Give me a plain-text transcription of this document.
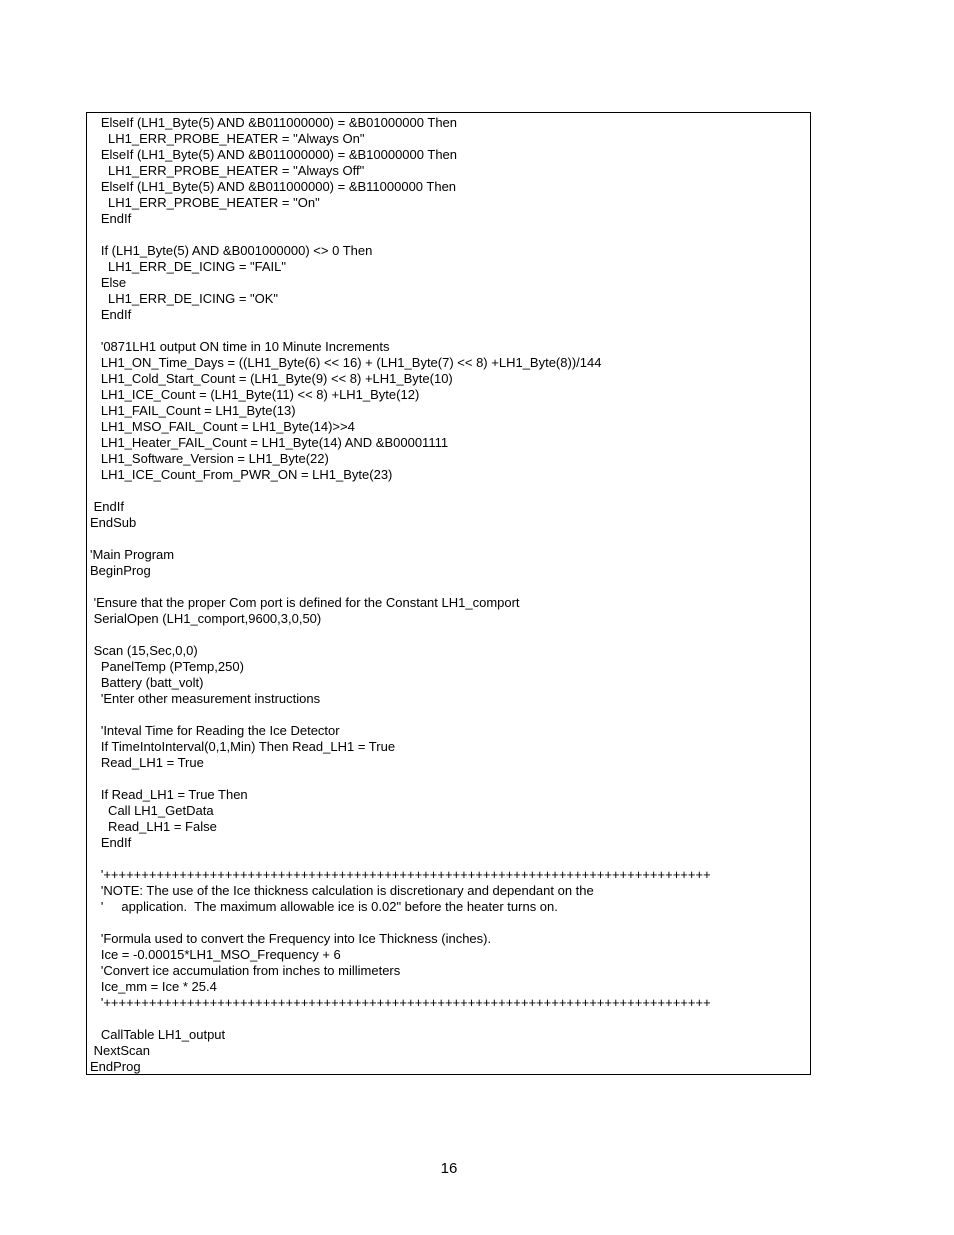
ElseIf (LH1_Byte(5) AND &B011000000) = &B01000000 Then
LH1_ERR_PROBE_HEATER = "Always On"
ElseIf (LH1_Byte(5) AND &B011000000) = &B10000000 Then
LH1_ERR_PROBE_HEATER = "Always Off"
ElseIf (LH1_Byte(5) AND &B011000000) = &B11000000 Then
LH1_ERR_PROBE_HEATER = "On"
EndIf
If (LH1_Byte(5) AND &B001000000) <> 0 Then
LH1_ERR_DE_ICING = "FAIL"
Else
LH1_ERR_DE_ICING = "OK"
EndIf
'0871LH1 output ON time in 10 Minute Increments
LH1_ON_Time_Days = ((LH1_Byte(6) << 16) + (LH1_Byte(7) << 8) +LH1_Byte(8))/144
LH1_Cold_Start_Count = (LH1_Byte(9) << 8) +LH1_Byte(10)
LH1_ICE_Count = (LH1_Byte(11) << 8) +LH1_Byte(12)
LH1_FAIL_Count = LH1_Byte(13)
LH1_MSO_FAIL_Count = LH1_Byte(14)>>4
LH1_Heater_FAIL_Count = LH1_Byte(14) AND &B00001111
LH1_Software_Version = LH1_Byte(22)
LH1_ICE_Count_From_PWR_ON = LH1_Byte(23)
EndIf
EndSub
'Main Program
BeginProg
'Ensure that the proper Com port is defined for the Constant LH1_comport
SerialOpen (LH1_comport,9600,3,0,50)
Scan (15,Sec,0,0)
PanelTemp (PTemp,250)
Battery (batt_volt)
'Enter other measurement instructions
'Inteval Time for Reading the Ice Detector
If TimeIntoInterval(0,1,Min) Then Read_LH1 = True
Read_LH1 = True
If Read_LH1 = True Then
Call LH1_GetData
Read_LH1 = False
EndIf
'++++++++++++++++++++++++++++++++++++++++++++++++++++++++++++++++++++++++++++++++
'NOTE: The use of the Ice thickness calculation is discretionary and dependant on the
'     application.  The maximum allowable ice is 0.02" before the heater turns on.
'Formula used to convert the Frequency into Ice Thickness (inches).
Ice = -0.00015*LH1_MSO_Frequency + 6
'Convert ice accumulation from inches to millimeters
Ice_mm = Ice * 25.4
'++++++++++++++++++++++++++++++++++++++++++++++++++++++++++++++++++++++++++++++++
CallTable LH1_output
NextScan
EndProg
16
